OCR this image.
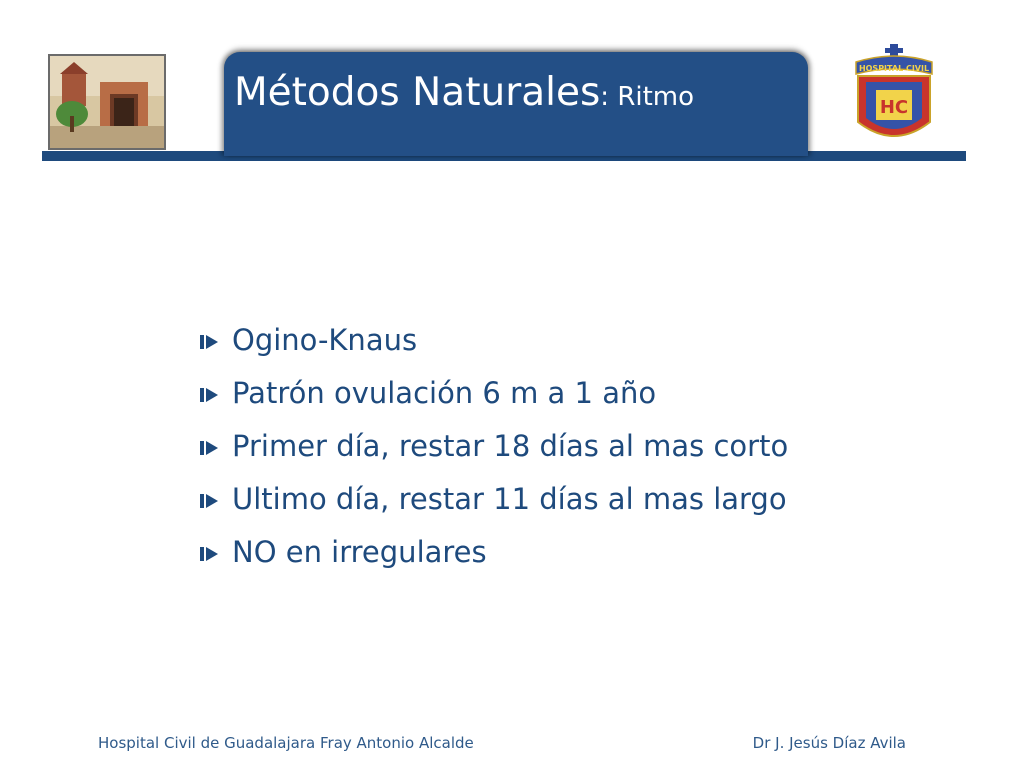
Métodos Naturales: Ritmo
HOSPITAL CIVIL
HC
Ogino-Knaus
Patrón ovulación 6 m a 1 año
Primer día, restar 18 días al mas corto
Ultimo día, restar 11 días al mas largo
NO en irregulares
Hospital Civil de Guadalajara Fray Antonio Alcalde	Dr J. Jesús Díaz Avila
